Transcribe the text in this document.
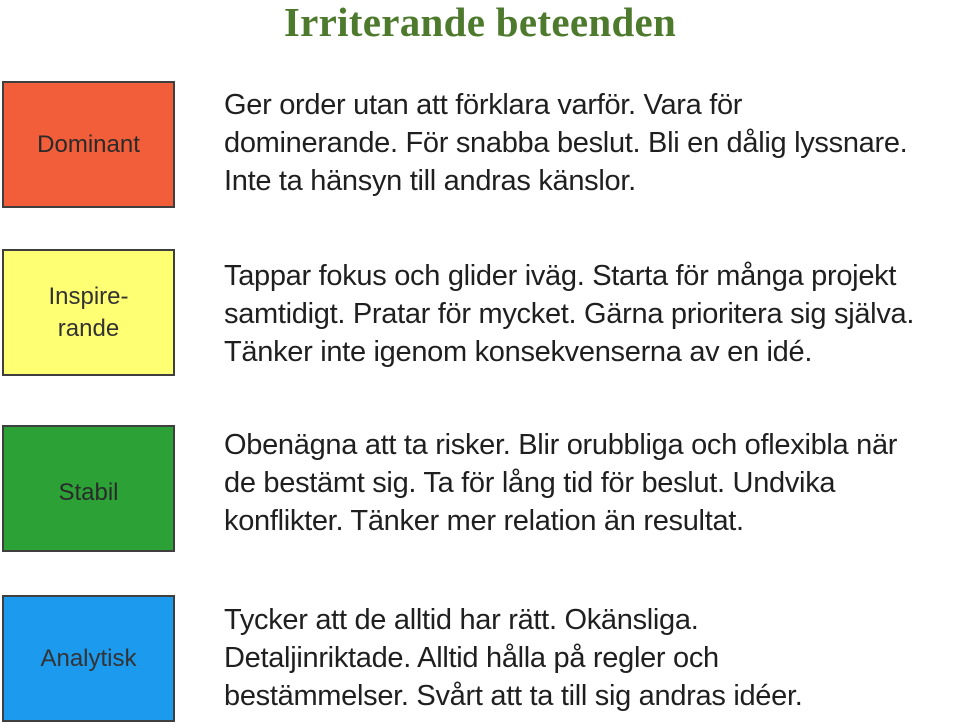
Irriterande beteenden
Dominant
Ger order utan att förklara varför. Vara för
dominerande. För snabba beslut. Bli en dålig lyssnare.
Inte ta hänsyn till andras känslor.
Inspire-
rande
Tappar fokus och glider iväg. Starta för många projekt
samtidigt. Pratar för mycket. Gärna prioritera sig själva.
Tänker inte igenom konsekvenserna av en idé.
Stabil
Obenägna att ta risker. Blir orubbliga och oflexibla när
de bestämt sig. Ta för lång tid för beslut. Undvika
konflikter. Tänker mer relation än resultat.
Analytisk
Tycker att de alltid har rätt. Okänsliga.
Detaljinriktade. Alltid hålla på regler och
bestämmelser. Svårt att ta till sig andras idéer.
